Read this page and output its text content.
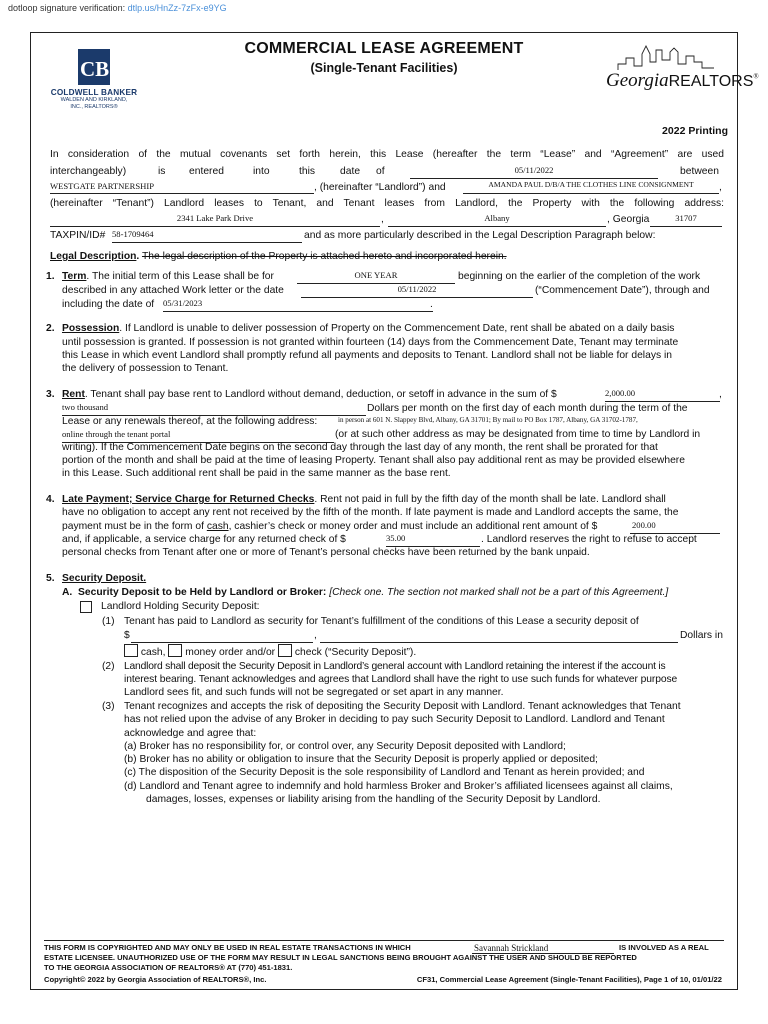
dotloop signature verification: dtlp.us/HnZz-7zFx-e9YG
CB
COLDWELL BANKER
WALDEN AND KIRKLAND,
INC., REALTORS®
COMMERCIAL LEASE AGREEMENT
(Single-Tenant Facilities)
GeorgiaREALTORS®
2022 Printing
In consideration of the mutual covenants set forth herein, this Lease (hereafter the term “Lease” and “Agreement” are used
interchangeably)	is entered	into	this date of	05/11/2022	between
WESTGATE PARTNERSHIP	, (hereinafter “Landlord”) and	AMANDA PAUL D/B/A THE CLOTHES LINE CONSIGNMENT	,
(hereinafter “Tenant”) Landlord leases to Tenant, and Tenant leases from Landlord, the Property with the following address:
2341 Lake Park Drive	,	Albany	, Georgia	31707
TAXPIN/ID# 58-1709464	and as more particularly described in the Legal Description Paragraph below:
Legal Description. The legal description of the Property is attached hereto and incorporated herein.
1. Term. The initial term of this Lease shall be for	ONE YEAR	beginning on the earlier of the completion of the work
described in any attached Work letter or the date	05/11/2022	(“Commencement Date”), through and
including the date of 05/31/2023	.
2. Possession. If Landlord is unable to deliver possession of Property on the Commencement Date, rent shall be abated on a daily basis
until possession is granted. If possession is not granted within fourteen (14) days from the Commencement Date, Tenant may terminate
this Lease in which event Landlord shall promptly refund all payments and deposits to Tenant. Landlord shall not be liable for delays in
the delivery of possession to Tenant.
3. Rent. Tenant shall pay base rent to Landlord without demand, deduction, or setoff in advance in the sum of $	2,000.00	,
two thousand	Dollars per month on the first day of each month during the term of the
Lease or any renewals thereof, at the following address:	in person at 601 N. Slappey Blvd, Albany, GA 31701; By mail to PO Box 1787, Albany, GA 31702-1787,
online through the tenant portal	(or at such other address as may be designated from time to time by Landlord in
writing). If the Commencement Date begins on the second day through the last day of any month, the rent shall be prorated for that
portion of the month and shall be paid at the time of leasing Property. Tenant shall also pay additional rent as may be provided elsewhere
in this Lease. Such additional rent shall be paid in the same manner as the base rent.
4. Late Payment; Service Charge for Returned Checks. Rent not paid in full by the fifth day of the month shall be late. Landlord shall
have no obligation to accept any rent not received by the fifth of the month. If late payment is made and Landlord accepts the same, the
payment must be in the form of cash, cashier’s check or money order and must include an additional rent amount of $	200.00
and, if applicable, a service charge for any returned check of $	35.00	. Landlord reserves the right to refuse to accept
personal checks from Tenant after one or more of Tenant’s personal checks have been returned by the bank unpaid.
5. Security Deposit.
A. Security Deposit to be Held by Landlord or Broker: [Check one. The section not marked shall not be a part of this Agreement.]
Landlord Holding Security Deposit:
(1) Tenant has paid to Landlord as security for Tenant’s fulfillment of the conditions of this Lease a security deposit of
$	,	Dollars in
cash, money order and/or check (“Security Deposit”).
(2) Landlord shall deposit the Security Deposit in Landlord’s general account with Landlord retaining the interest if the account is
interest bearing. Tenant acknowledges and agrees that Landlord shall have the right to use such funds for whatever purpose
Landlord sees fit, and such funds will not be segregated or set apart in any manner.
(3) Tenant recognizes and accepts the risk of depositing the Security Deposit with Landlord. Tenant acknowledges that Tenant
has not relied upon the advise of any Broker in deciding to pay such Security Deposit to Landlord. Landlord and Tenant
acknowledge and agree that:
(a) Broker has no responsibility for, or control over, any Security Deposit deposited with Landlord;
(b) Broker has no ability or obligation to insure that the Security Deposit is properly applied or deposited;
(c) The disposition of the Security Deposit is the sole responsibility of Landlord and Tenant as herein provided; and
(d) Landlord and Tenant agree to indemnify and hold harmless Broker and Broker’s affiliated licensees against all claims,
damages, losses, expenses or liability arising from the handling of the Security Deposit by Landlord.
THIS FORM IS COPYRIGHTED AND MAY ONLY BE USED IN REAL ESTATE TRANSACTIONS IN WHICH	Savannah Strickland	IS INVOLVED AS A REAL
ESTATE LICENSEE. UNAUTHORIZED USE OF THE FORM MAY RESULT IN LEGAL SANCTIONS BEING BROUGHT AGAINST THE USER AND SHOULD BE REPORTED
TO THE GEORGIA ASSOCIATION OF REALTORS® AT (770) 451-1831.
Copyright© 2022 by Georgia Association of REALTORS®, Inc.	CF31, Commercial Lease Agreement (Single-Tenant Facilities), Page 1 of 10, 01/01/22
